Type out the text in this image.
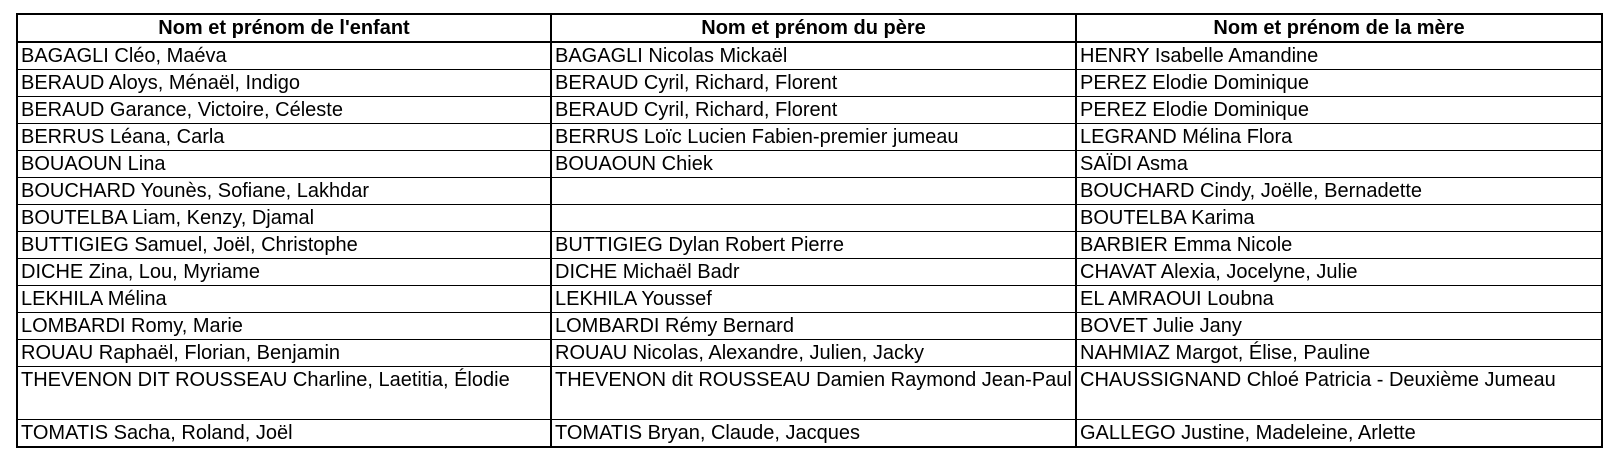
Nom et prénom de l'enfant	Nom et prénom du père	Nom et prénom de la mère
BAGAGLI Cléo, Maéva	BAGAGLI Nicolas Mickaël	HENRY Isabelle Amandine
BERAUD Aloys, Ménaël, Indigo	BERAUD Cyril, Richard, Florent	PEREZ Elodie Dominique
BERAUD Garance, Victoire, Céleste	BERAUD Cyril, Richard, Florent	PEREZ Elodie Dominique
BERRUS Léana, Carla	BERRUS Loïc Lucien Fabien-premier jumeau	LEGRAND Mélina Flora
BOUAOUN Lina	BOUAOUN Chiek	SAÏDI Asma
BOUCHARD Younès, Sofiane, Lakhdar		BOUCHARD Cindy, Joëlle, Bernadette
BOUTELBA Liam, Kenzy, Djamal		BOUTELBA Karima
BUTTIGIEG Samuel, Joël, Christophe	BUTTIGIEG Dylan Robert Pierre	BARBIER Emma Nicole
DICHE Zina, Lou, Myriame	DICHE Michaël Badr	CHAVAT Alexia, Jocelyne, Julie
LEKHILA Mélina	LEKHILA Youssef	EL AMRAOUI Loubna
LOMBARDI Romy, Marie	LOMBARDI Rémy Bernard	BOVET Julie Jany
ROUAU Raphaël, Florian, Benjamin	ROUAU Nicolas, Alexandre, Julien, Jacky	NAHMIAZ Margot, Élise, Pauline
THEVENON DIT ROUSSEAU Charline, Laetitia, Élodie	THEVENON dit ROUSSEAU Damien Raymond Jean-Paul	CHAUSSIGNAND Chloé Patricia - Deuxième Jumeau
TOMATIS Sacha, Roland, Joël	TOMATIS Bryan, Claude, Jacques	GALLEGO Justine, Madeleine, Arlette
